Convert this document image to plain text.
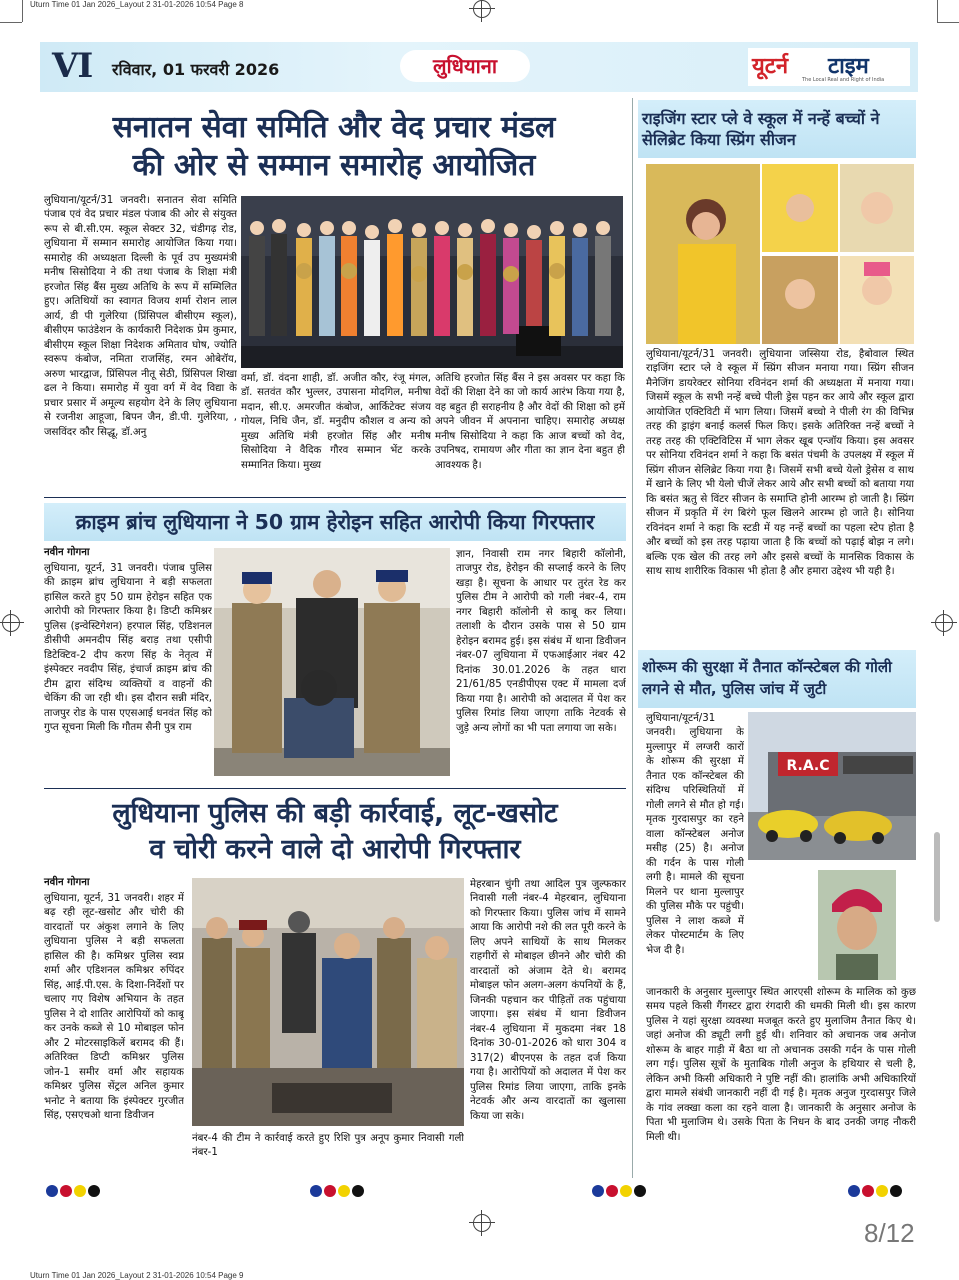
Uturn Time 01 Jan 2026_Layout 2 31-01-2026 10:54 Page 8
Uturn Time 01 Jan 2026_Layout 2 31-01-2026 10:54 Page 9
VI रविवार, 01 फरवरी 2026	लुधियाना	यूटर्न टाइम
The Local Real and Right of India
सनातन सेवा समिति और वेद प्रचार मंडल
की ओर से सम्मान समारोह आयोजित
लुधियाना/यूटर्न/31 जनवरी। सनातन सेवा समिति पंजाब एवं वेद प्रचार मंडल पंजाब की ओर से संयुक्त रूप से बी.सी.एम. स्कूल सेक्टर 32, चंडीगढ़ रोड, लुधियाना में सम्मान समारोह आयोजित किया गया। समारोह की अध्यक्षता दिल्ली के पूर्व उप मुख्यमंत्री मनीष सिसोदिया ने की तथा पंजाब के शिक्षा मंत्री हरजोत सिंह बैंस मुख्य अतिथि के रूप में सम्मिलित हुए। अतिथियों का स्वागत विजय शर्मा रोशन लाल आर्य, डी पी गुलेरिया (प्रिंसिपल बीसीएम स्कूल), बीसीएम फाउंडेशन के कार्यकारी निदेशक प्रेम कुमार, बीसीएम स्कूल शिक्षा निदेशक अमिताव घोष, ज्योति स्वरूप कंबोज, नमिता राजसिंह, रमन ओबेरॉय, अरुण भारद्वाज, प्रिंसिपल नीतू सेठी, प्रिंसिपल शिखा ढल ने किया। समारोह में युवा वर्ग में वेद विद्या के प्रचार प्रसार में अमूल्य सहयोग देने के लिए लुधियाना से रजनीश आहूजा, बिपन जैन, डी.पी. गुलेरिया, , जसविंदर कौर सिद्धू, डॉ.अनु
वर्मा, डॉ. वंदना शाही, डॉ. अजीत कौर, रंजू मंगल, डॉ. सतवंत कौर भुल्लर, उपासना मोदगिल, मनीषा मदान, सी.ए. अमरजीत कंबोज, आर्किटेक्ट संजय गोयल, निधि जैन, डॉ. मनुदीप कौशल व अन्य को मुख्य अतिथि मंत्री हरजोत सिंह और मनीष सिसोदिया ने वैदिक गौरव सम्मान भेंट करके सम्मानित किया। मुख्य
अतिथि हरजोत सिंह बैंस ने इस अवसर पर कहा कि वेदों की शिक्षा देने का जो कार्य आरंभ किया गया है, वह बहुत ही सराहनीय है और वेदों की शिक्षा को हमें अपने जीवन में अपनाना चाहिए। समारोह अध्यक्ष मनीष सिसोदिया ने कहा कि आज बच्चों को वेद, उपनिषद, रामायण और गीता का ज्ञान देना बहुत ही आवश्यक है।
क्राइम ब्रांच लुधियाना ने 50 ग्राम हेरोइन सहित आरोपी किया गिरफ्तार
नवीन गोगना
लुधियाना, यूटर्न, 31 जनवरी। पंजाब पुलिस की क्राइम ब्रांच लुधियाना ने बड़ी सफलता हासिल करते हुए 50 ग्राम हेरोइन सहित एक आरोपी को गिरफ्तार किया है। डिप्टी कमिश्नर पुलिस (इन्वेस्टिगेशन) हरपाल सिंह, एडिशनल डीसीपी अमनदीप सिंह बराड़ तथा एसीपी डिटेक्टिव-2 दीप करण सिंह के नेतृत्व में इंस्पेक्टर नवदीप सिंह, इंचार्ज क्राइम ब्रांच की टीम द्वारा संदिग्ध व्यक्तियों व वाहनों की चेकिंग की जा रही थी। इस दौरान सन्नी मंदिर, ताजपुर रोड के पास एएसआई धनवंत सिंह को गुप्त सूचना मिली कि गौतम सैनी पुत्र राम
ज्ञान, निवासी राम नगर बिहारी कॉलोनी, ताजपुर रोड, हेरोइन की सप्लाई करने के लिए खड़ा है। सूचना के आधार पर तुरंत रेड कर पुलिस टीम ने आरोपी को गली नंबर-4, राम नगर बिहारी कॉलोनी से काबू कर लिया। तलाशी के दौरान उसके पास से 50 ग्राम हेरोइन बरामद हुई। इस संबंध में थाना डिवीजन नंबर-07 लुधियाना में एफआईआर नंबर 42 दिनांक 30.01.2026 के तहत धारा 21/61/85 एनडीपीएस एक्ट में मामला दर्ज किया गया है। आरोपी को अदालत में पेश कर पुलिस रिमांड लिया जाएगा ताकि नेटवर्क से जुड़े अन्य लोगों का भी पता लगाया जा सके।
लुधियाना पुलिस की बड़ी कार्रवाई, लूट-खसोट
व चोरी करने वाले दो आरोपी गिरफ्तार
नवीन गोगना
लुधियाना, यूटर्न, 31 जनवरी। शहर में बढ़ रही लूट-खसोट और चोरी की वारदातों पर अंकुश लगाने के लिए लुधियाना पुलिस ने बड़ी सफलता हासिल की है। कमिश्नर पुलिस स्वप्न शर्मा और एडिशनल कमिश्नर रुपिंदर सिंह, आई.पी.एस. के दिशा-निर्देशों पर चलाए गए विशेष अभियान के तहत पुलिस ने दो शातिर आरोपियों को काबू कर उनके कब्जे से 10 मोबाइल फोन और 2 मोटरसाइकिलें बरामद की हैं। अतिरिक्त डिप्टी कमिश्नर पुलिस जोन-1 समीर वर्मा और सहायक कमिश्नर पुलिस सेंट्रल अनिल कुमार भनोट ने बताया कि इंस्पेक्टर गुरजीत सिंह, एसएचओ थाना डिवीजन
नंबर-4 की टीम ने कार्रवाई करते हुए रिशि पुत्र अनूप कुमार निवासी गली नंबर-1
मेहरबान चुंगी तथा आदिल पुत्र जुल्फकार निवासी गली नंबर-4 मेहरबान, लुधियाना को गिरफ्तार किया। पुलिस जांच में सामने आया कि आरोपी नशे की लत पूरी करने के लिए अपने साथियों के साथ मिलकर राहगीरों से मोबाइल छीनने और चोरी की वारदातों को अंजाम देते थे। बरामद मोबाइल फोन अलग-अलग कंपनियों के हैं, जिनकी पहचान कर पीड़ितों तक पहुंचाया जाएगा। इस संबंध में थाना डिवीजन नंबर-4 लुधियाना में मुकदमा नंबर 18 दिनांक 30-01-2026 को धारा 304 व 317(2) बीएनएस के तहत दर्ज किया गया है। आरोपियों को अदालत में पेश कर पुलिस रिमांड लिया जाएगा, ताकि इनके नेटवर्क और अन्य वारदातों का खुलासा किया जा सके।
राइजिंग स्टार प्ले वे स्कूल में नन्हें बच्चों ने
सेलिब्रेट किया स्प्रिंग सीजन
लुधियाना/यूटर्न/31 जनवरी। लुधियाना जस्सिया रोड, हैबोवाल स्थित राइजिंग स्टार प्ले वे स्कूल में स्प्रिंग सीजन मनाया गया। स्प्रिंग सीजन मैनेजिंग डायरेक्टर सोनिया रविनंदन शर्मा की अध्यक्षता में मनाया गया। जिसमें स्कूल के सभी नन्हें बच्चे पीली ड्रेस पहन कर आये और स्कूल द्वारा आयोजित एक्टिविटी में भाग लिया। जिसमें बच्चो ने पीली रंग की विभिन्न तरह की ड्राइंग बनाई कलर्स फिल किए। इसके अतिरिक्त नन्हें बच्चों ने तरह तरह की एक्टिविटिस में भाग लेकर खूब एन्जॉय किया। इस अवसर पर सोनिया रविनंदन शर्मा ने कहा कि बसंत पंचमी के उपलक्ष्य में स्कूल में स्प्रिंग सीजन सेलिब्रेट किया गया है। जिसमें सभी बच्चे येलो ड्रेसेस व साथ में खाने के लिए भी येलो चीजें लेकर आये और सभी बच्चों को बताया गया कि बसंत ऋतु से विंटर सीजन के समाप्ति होनी आरम्भ हो जाती है। स्प्रिंग सीजन में प्रकृति में रंग बिरंगे फूल खिलने आरम्भ हो जाते है। सोनिया रविनंदन शर्मा ने कहा कि स्टडी में यह नन्हें बच्चों का पहला स्टेप होता है और बच्चों को इस तरह पढ़ाया जाता है कि बच्चों को पढ़ाई बोझ न लगे। बल्कि एक खेल की तरह लगे और इससे बच्चों के मानसिक विकास के साथ साथ शारीरिक विकास भी होता है और हमारा उद्देश्य भी यही है।
शोरूम की सुरक्षा में तैनात कॉन्स्टेबल की गोली
लगने से मौत, पुलिस जांच में जुटी
लुधियाना/यूटर्न/31 जनवरी। लुधियाना के मुल्लापुर में लग्जरी कारों के शोरूम की सुरक्षा में तैनात एक कॉन्स्टेबल की संदिग्ध परिस्थितियों में गोली लगने से मौत हो गई। मृतक गुरदासपुर का रहने वाला कॉन्स्टेबल अनोज मसीह (25) है। अनोज की गर्दन के पास गोली लगी है। मामले की सूचना मिलने पर थाना मुल्लापुर की पुलिस मौके पर पहुंची। पुलिस ने लाश कब्जे में लेकर पोस्टमार्टम के लिए भेज दी है।
R.A.C
जानकारी के अनुसार मुल्लापुर स्थित आरएसी शोरूम के मालिक को कुछ समय पहले किसी गैंगस्टर द्वारा रंगदारी की धमकी मिली थी। इस कारण पुलिस ने यहां सुरक्षा व्यवस्था मजबूत करते हुए मुलाजिम तैनात किए थे। जहां अनोज की ड्यूटी लगी हुई थी। शनिवार को अचानक जब अनोज शोरूम के बाहर गाड़ी में बैठा था तो अचानक उसकी गर्दन के पास गोली लग गई। पुलिस सूत्रों के मुताबिक गोली अनुज के हथियार से चली है, लेकिन अभी किसी अधिकारी ने पुष्टि नहीं की। हालांकि अभी अधिकारियों द्वारा मामले संबंधी जानकारी नहीं दी गई है। मृतक अनुज गुरदासपुर जिले के गांव लक्खा कला का रहने वाला है। जानकारी के अनुसार अनोज के पिता भी मुलाजिम थे। उसके पिता के निधन के बाद उनकी जगह नौकरी मिली थी।
8/12
